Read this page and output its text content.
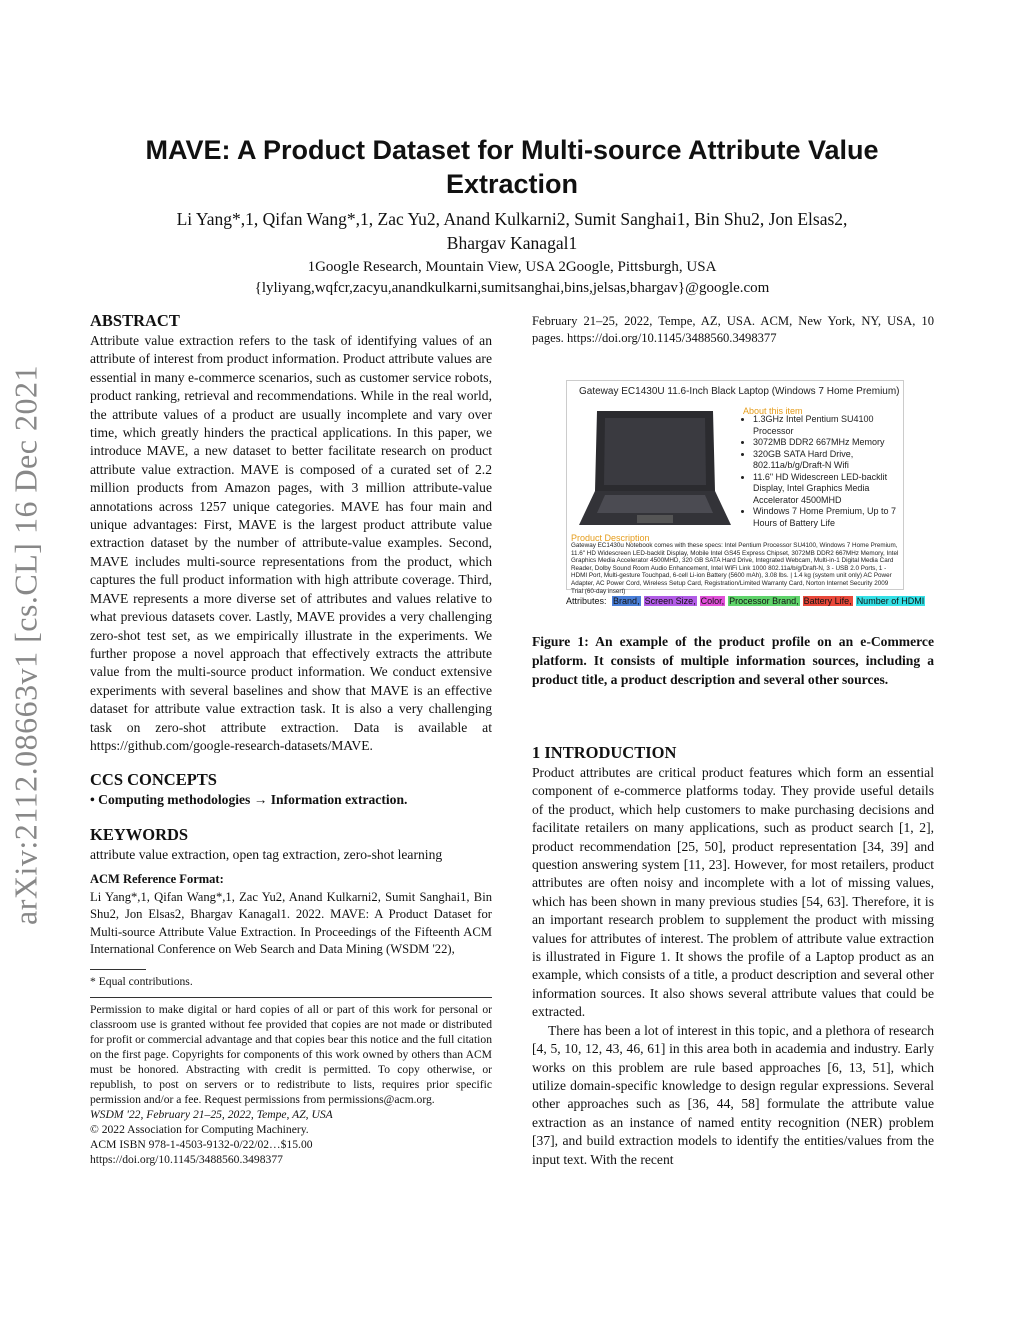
arXiv:2112.08663v1 [cs.CL] 16 Dec 2021
MAVE: A Product Dataset for Multi-source Attribute Value Extraction
Li Yang*,1, Qifan Wang*,1, Zac Yu2, Anand Kulkarni2, Sumit Sanghai1, Bin Shu2, Jon Elsas2,
Bhargav Kanagal1
1Google Research, Mountain View, USA 2Google, Pittsburgh, USA
{lyliyang,wqfcr,zacyu,anandkulkarni,sumitsanghai,bins,jelsas,bhargav}@google.com

ABSTRACT

Attribute value extraction refers to the task of identifying values of an attribute of interest from product information. Product attribute values are essential in many e-commerce scenarios, such as customer service robots, product ranking, retrieval and recommendations. While in the real world, the attribute values of a product are usually incomplete and vary over time, which greatly hinders the practical applications. In this paper, we introduce MAVE, a new dataset to better facilitate research on product attribute value extraction. MAVE is composed of a curated set of 2.2 million products from Amazon pages, with 3 million attribute-value annotations across 1257 unique categories. MAVE has four main and unique advantages: First, MAVE is the largest product attribute value extraction dataset by the number of attribute-value examples. Second, MAVE includes multi-source representations from the product, which captures the full product information with high attribute coverage. Third, MAVE represents a more diverse set of attributes and values relative to what previous datasets cover. Lastly, MAVE provides a very challenging zero-shot test set, as we empirically illustrate in the experiments. We further propose a novel approach that effectively extracts the attribute value from the multi-source product information. We conduct extensive experiments with several baselines and show that MAVE is an effective dataset for attribute value extraction task. It is also a very challenging task on zero-shot attribute extraction. Data is available at https://github.com/google-research-datasets/MAVE.

CCS CONCEPTS

• Computing methodologies → Information extraction.

KEYWORDS

attribute value extraction, open tag extraction, zero-shot learning

ACM Reference Format:

Li Yang*,1, Qifan Wang*,1, Zac Yu2, Anand Kulkarni2, Sumit Sanghai1, Bin Shu2, Jon Elsas2, Bhargav Kanagal1. 2022. MAVE: A Product Dataset for Multi-source Attribute Value Extraction. In Proceedings of the Fifteenth ACM International Conference on Web Search and Data Mining (WSDM '22),

* Equal contributions.

Permission to make digital or hard copies of all or part of this work for personal or classroom use is granted without fee provided that copies are not made or distributed for profit or commercial advantage and that copies bear this notice and the full citation on the first page. Copyrights for components of this work owned by others than ACM must be honored. Abstracting with credit is permitted. To copy otherwise, or republish, to post on servers or to redistribute to lists, requires prior specific permission and/or a fee. Request permissions from permissions@acm.org.

WSDM '22, February 21–25, 2022, Tempe, AZ, USA

© 2022 Association for Computing Machinery.

ACM ISBN 978-1-4503-9132-0/22/02…$15.00

https://doi.org/10.1145/3488560.3498377

February 21–25, 2022, Tempe, AZ, USA. ACM, New York, NY, USA, 10 pages. https://doi.org/10.1145/3488560.3498377
Gateway EC1430U 11.6-Inch Black Laptop (Windows 7 Home Premium)
About this item
• 1.3GHz Intel Pentium SU4100 Processor
• 3072MB DDR2 667MHz Memory
• 320GB SATA Hard Drive, 802.11a/b/g/Draft-N Wifi
• 11.6" HD Widescreen LED-backlit Display, Intel Graphics Media Accelerator 4500MHD
• Windows 7 Home Premium, Up to 7 Hours of Battery Life
Product Description
Gateway EC1430u Notebook comes with these specs: Intel Pentium Processor SU4100, Windows 7 Home Premium, 11.6" HD Widescreen LED-backlit Display, Mobile Intel GS45 Express Chipset, 3072MB DDR2 667MHz Memory, Intel Graphics Media Accelerator 4500MHD, 320 GB SATA Hard Drive, Integrated Webcam, Multi-in-1 Digital Media Card Reader, Dolby Sound Room Audio Enhancement, Intel WiFi Link 1000 802.11a/b/g/Draft-N, 3 - USB 2.0 Ports, 1 - HDMI Port, Multi-gesture Touchpad, 6-cell Li-ion Battery (5600 mAh), 3.08 lbs. | 1.4 kg (system unit only) AC Power Adapter, AC Power Cord, Wireless Setup Card, Registration/Limited Warranty Card, Norton Internet Security 2009 Trial (60-day insert)
Attributes: Brand, Screen Size, Color, Processor Brand, Battery Life, Number of HDMI
Figure 1: An example of the product profile on an e-Commerce platform. It consists of multiple information sources, including a product title, a product description and several other sources.

1 INTRODUCTION

Product attributes are critical product features which form an essential component of e-commerce platforms today. They provide useful details of the product, which help customers to make purchasing decisions and facilitate retailers on many applications, such as product search [1, 2], product recommendation [25, 50], product representation [34, 39] and question answering system [11, 23]. However, for most retailers, product attributes are often noisy and incomplete with a lot of missing values, which has been shown in many previous studies [54, 63]. Therefore, it is an important research problem to supplement the product with missing values for attributes of interest. The problem of attribute value extraction is illustrated in Figure 1. It shows the profile of a Laptop product as an example, which consists of a title, a product description and several other information sources. It also shows several attribute values that could be extracted.

There has been a lot of interest in this topic, and a plethora of research [4, 5, 10, 12, 43, 46, 61] in this area both in academia and industry. Early works on this problem are rule based approaches [6, 13, 51], which utilize domain-specific knowledge to design regular expressions. Several other approaches such as [36, 44, 58] formulate the attribute value extraction as an instance of named entity recognition (NER) problem [37], and build extraction models to identify the entities/values from the input text. With the recent
